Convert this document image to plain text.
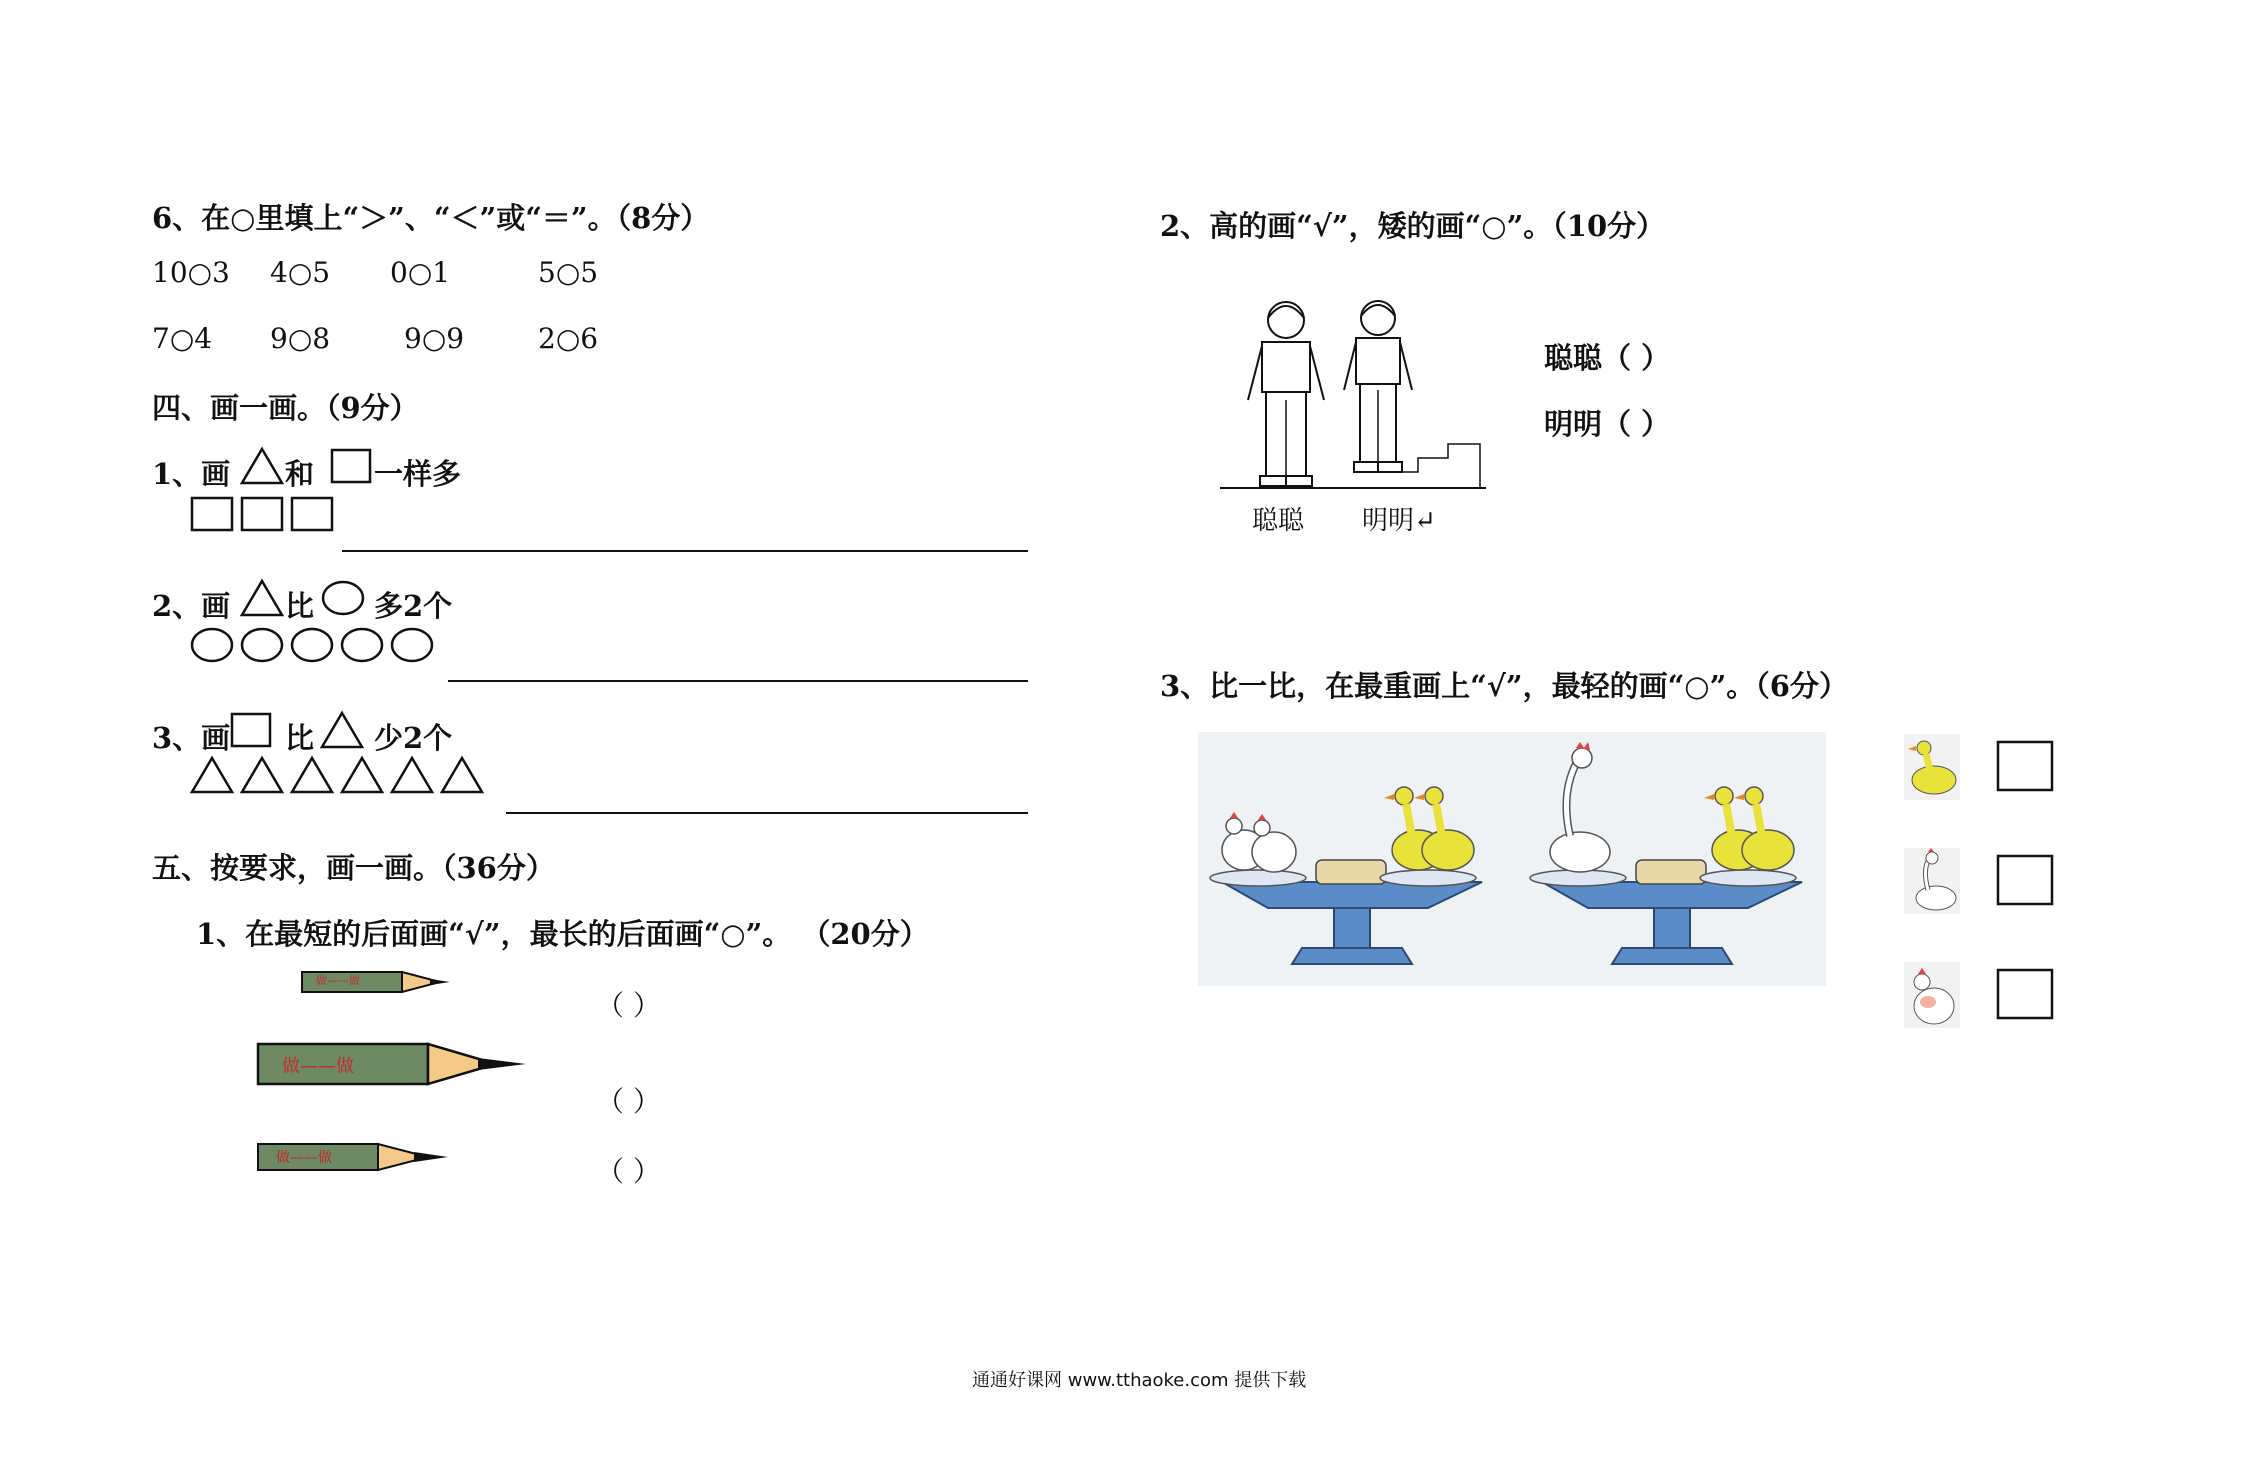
6、在○里填上“＞”、“＜”或“＝”。（8分）
10○3 4○5 0○1	5○5
7○4 9○8	9○9	2○6
四、画一画。（9分）
1、画 和 一样多
2、画 比 多2个
3、画 比 少2个
五、按要求，画一画。（36分）
1、在最短的后面画“√”，最长的后面画“○”。 （20分）
做——做
做——做
做——做
（ ）
（ ）
（ ）
2、高的画“√”，矮的画“○”。（10分）
聪聪 明明↵
聪聪（ ）
明明（ ）
3、比一比，在最重画上“√”，最轻的画“○”。（6分）
通通好课网 www.tthaoke.com 提供下载
